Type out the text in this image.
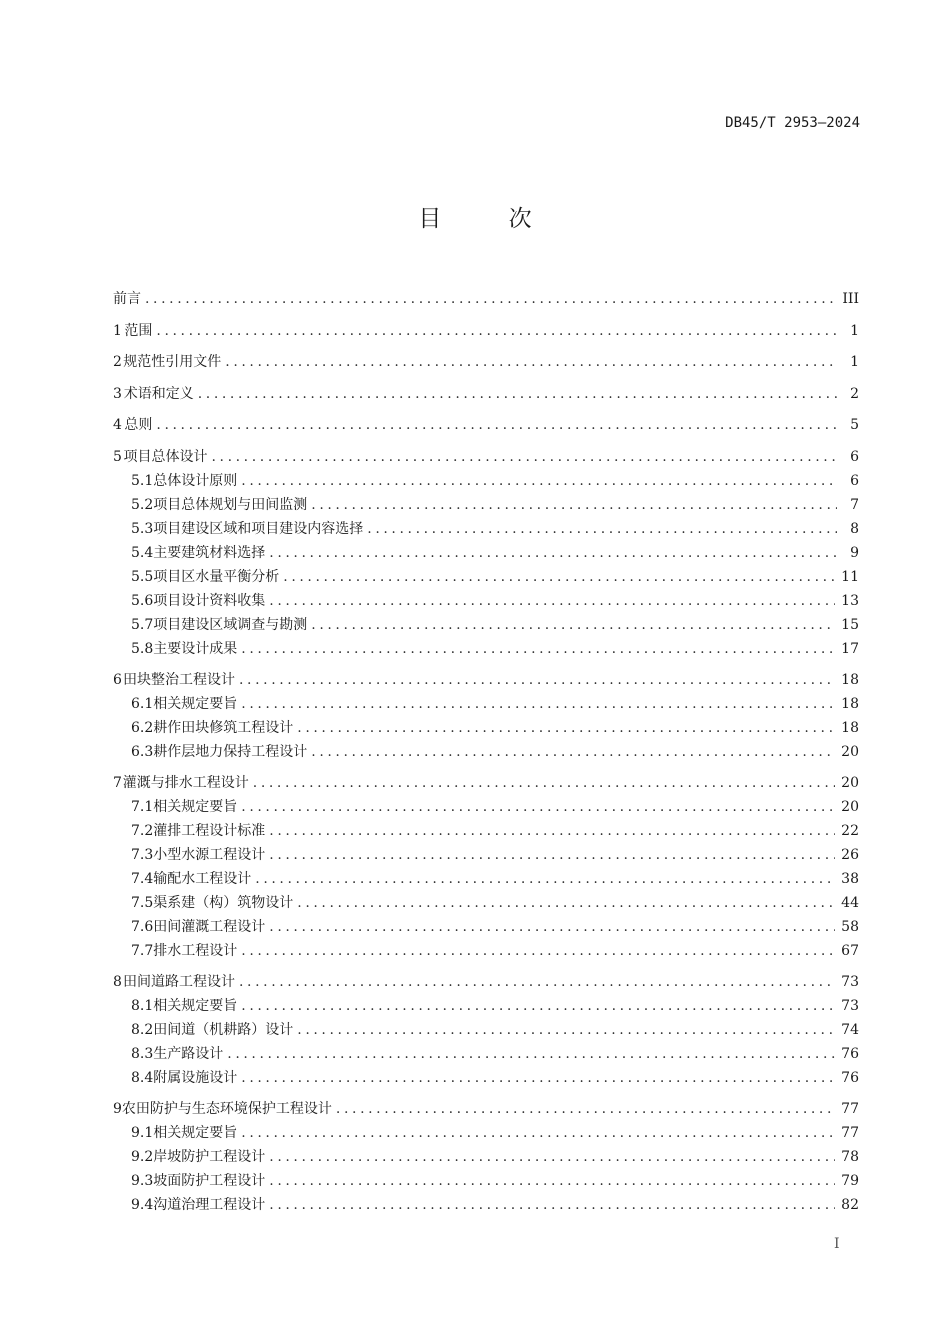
DB45/T 2953—2024
目	次
前言 .....	III
1 范围 .....	1
2 规范性引用文件 .....	1
3 术语和定义 .....	2
4 总则 .....	5
5 项目总体设计 .....	6
5.1 总体设计原则 .....	6
5.2 项目总体规划与田间监测 .....	7
5.3 项目建设区域和项目建设内容选择 .....	8
5.4 主要建筑材料选择 .....	9
5.5 项目区水量平衡分析 .....	11
5.6 项目设计资料收集 .....	13
5.7 项目建设区域调查与勘测 .....	15
5.8 主要设计成果 .....	17
6 田块整治工程设计 .....	18
6.1 相关规定要旨 .....	18
6.2 耕作田块修筑工程设计 .....	18
6.3 耕作层地力保持工程设计 .....	20
7 灌溉与排水工程设计 .....	20
7.1 相关规定要旨 .....	20
7.2 灌排工程设计标准 .....	22
7.3 小型水源工程设计 .....	26
7.4 输配水工程设计 .....	38
7.5 渠系建（构）筑物设计 .....	44
7.6 田间灌溉工程设计 .....	58
7.7 排水工程设计 .....	67
8 田间道路工程设计 .....	73
8.1 相关规定要旨 .....	73
8.2 田间道（机耕路）设计 .....	74
8.3 生产路设计 .....	76
8.4 附属设施设计 .....	76
9 农田防护与生态环境保护工程设计 .....	77
9.1 相关规定要旨 .....	77
9.2 岸坡防护工程设计 .....	78
9.3 坡面防护工程设计 .....	79
9.4 沟道治理工程设计 .....	82
I
